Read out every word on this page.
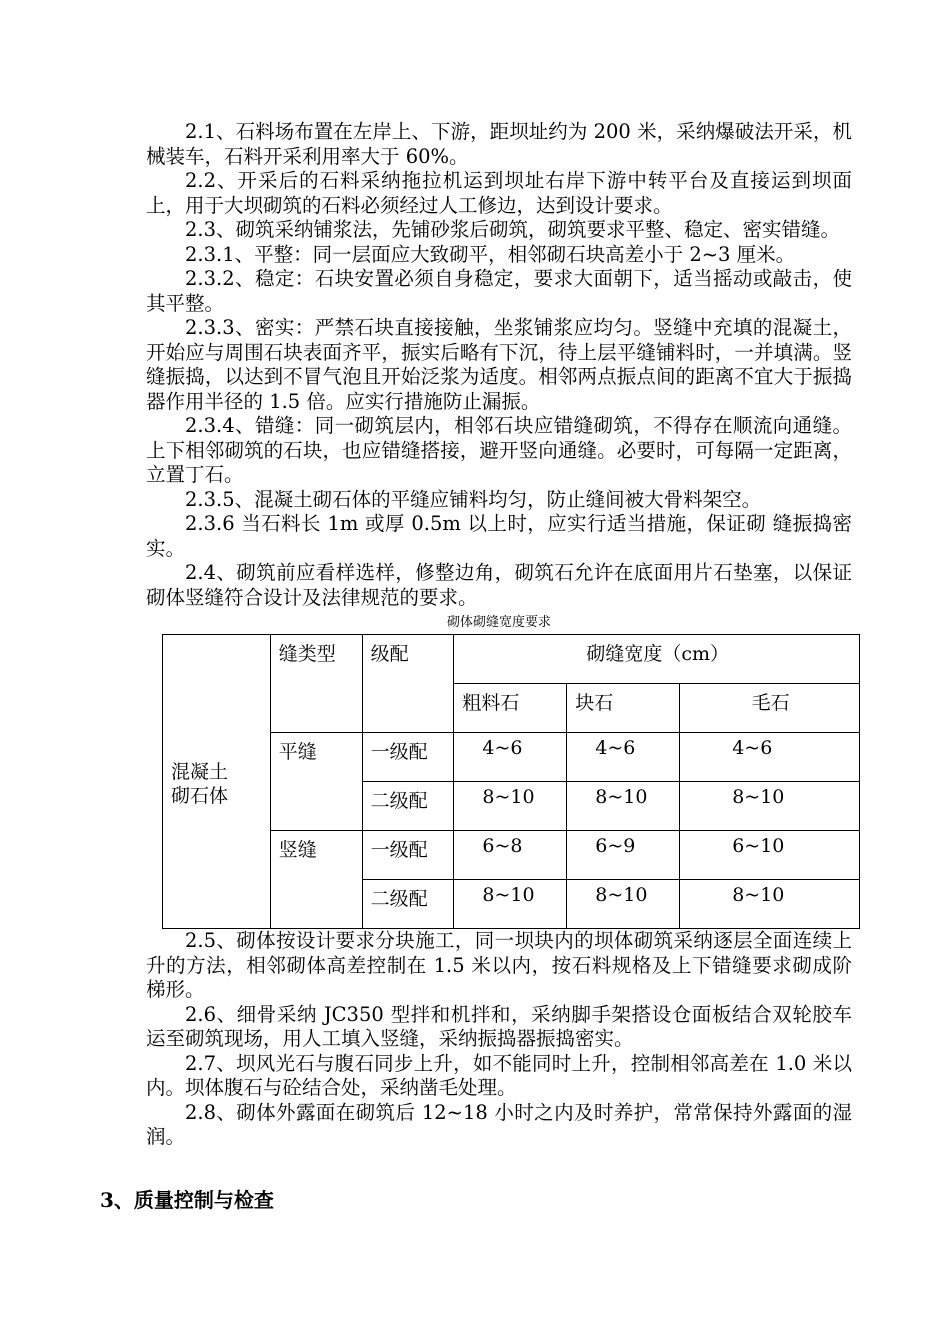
2.1、石料场布置在左岸上、下游，距坝址约为 200 米，采纳爆破法开采，机械装车，石料开采利用率大于 60%。

2.2、开采后的石料采纳拖拉机运到坝址右岸下游中转平台及直接运到坝面上，用于大坝砌筑的石料必须经过人工修边，达到设计要求。

2.3、砌筑采纳铺浆法，先铺砂浆后砌筑，砌筑要求平整、稳定、密实错缝。

2.3.1、平整：同一层面应大致砌平，相邻砌石块高差小于 2~3 厘米。

2.3.2、稳定：石块安置必须自身稳定，要求大面朝下，适当摇动或敲击，使其平整。

2.3.3、密实：严禁石块直接接触，坐浆铺浆应均匀。竖缝中充填的混凝土，开始应与周围石块表面齐平，振实后略有下沉，待上层平缝铺料时，一并填满。竖缝振捣，以达到不冒气泡且开始泛浆为适度。相邻两点振点间的距离不宜大于振捣器作用半径的 1.5 倍。应实行措施防止漏振。

2.3.4、错缝：同一砌筑层内，相邻石块应错缝砌筑，不得存在顺流向通缝。上下相邻砌筑的石块，也应错缝搭接，避开竖向通缝。必要时，可每隔一定距离，立置丁石。

2.3.5、混凝土砌石体的平缝应铺料均匀，防止缝间被大骨料架空。

2.3.6 当石料长 1m 或厚 0.5m 以上时，应实行适当措施，保证砌 缝振捣密实。

2.4、砌筑前应看样选样，修整边角，砌筑石允许在底面用片石垫塞，以保证砌体竖缝符合设计及法律规范的要求。

砌体砌缝宽度要求
混凝土
砌石体	缝类型	级配	砌缝宽度（cm）		
			粗料石	块石	毛石
	平缝	一级配	4~6	4~6	4~6
		二级配	8~10	8~10	8~10
	竖缝	一级配	6~8	6~9	6~10
		二级配	8~10	8~10	8~10

2.5、砌体按设计要求分块施工，同一坝块内的坝体砌筑采纳逐层全面连续上升的方法，相邻砌体高差控制在 1.5 米以内，按石料规格及上下错缝要求砌成阶梯形。

2.6、细骨采纳 JC350 型拌和机拌和，采纳脚手架搭设仓面板结合双轮胶车运至砌筑现场，用人工填入竖缝，采纳振捣器振捣密实。

2.7、坝风光石与腹石同步上升，如不能同时上升，控制相邻高差在 1.0 米以内。坝体腹石与砼结合处，采纳凿毛处理。

2.8、砌体外露面在砌筑后 12~18 小时之内及时养护，常常保持外露面的湿润。

3、质量控制与检查
